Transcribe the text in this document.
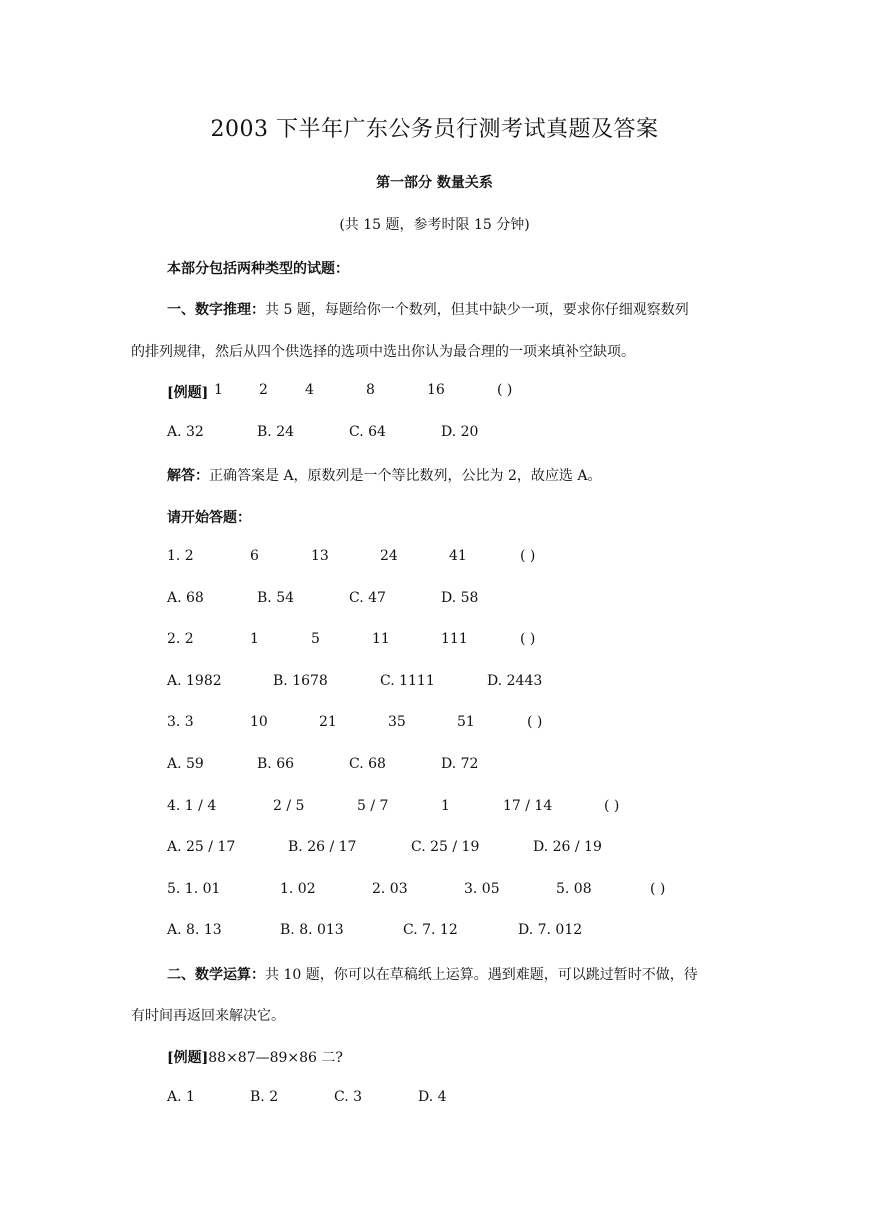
2003 下半年广东公务员行测考试真题及答案
第一部分 数量关系
(共 15 题，参考时限 15 分钟)
本部分包括两种类型的试题：
一、数字推理：共 5 题，每题给你一个数列，但其中缺少一项，要求你仔细观察数列
的排列规律，然后从四个供选择的选项中选出你认为最合理的一项来填补空缺项。
[例题] 1	2	4	8	16	( )
A. 32	B. 24	C. 64	D. 20
解答：正确答案是 A，原数列是一个等比数列，公比为 2，故应选 A。
请开始答题：
1. 2	6	13	24	41	( )
A. 68	B. 54	C. 47	D. 58
2. 2	1	5	11	111	( )
A. 1982	B. 1678	C. 1111	D. 2443
3. 3	10	21	35	51	( )
A. 59	B. 66	C. 68	D. 72
4. 1 / 4	2 / 5	5 / 7	1	17 / 14	( )
A. 25 / 17	B. 26 / 17	C. 25 / 19	D. 26 / 19
5. 1. 01	1. 02	2. 03	3. 05	5. 08	( )
A. 8. 13	B. 8. 013	C. 7. 12	D. 7. 012
二、数学运算：共 10 题，你可以在草稿纸上运算。遇到难题，可以跳过暂时不做，待
有时间再返回来解决它。
[例题]88×87—89×86 二?
A. 1	B. 2	C. 3	D. 4
